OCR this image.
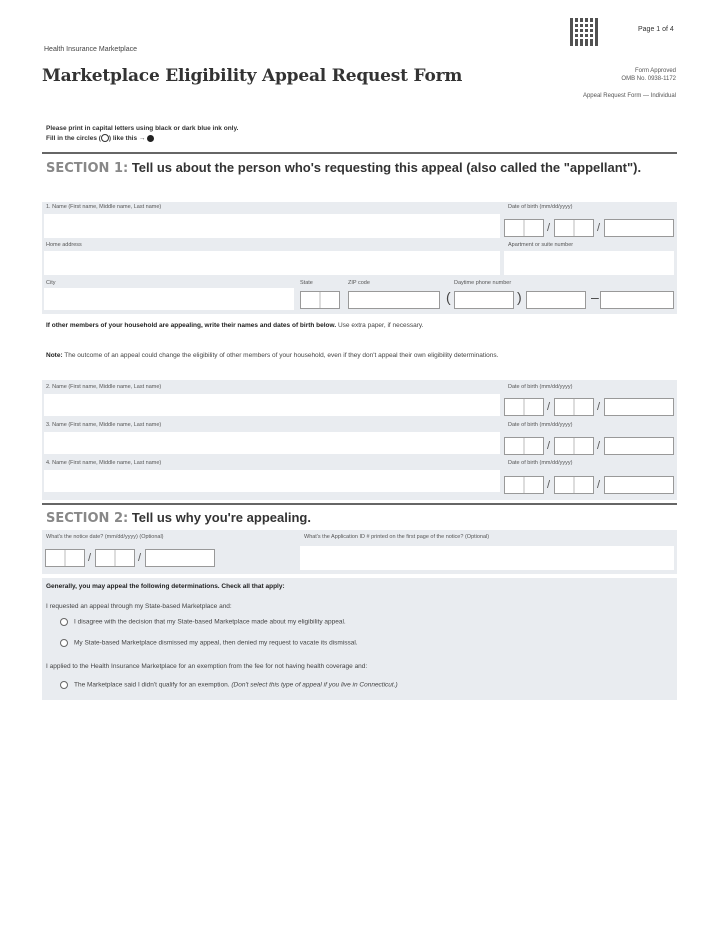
Page 1 of 4
Health Insurance Marketplace
Marketplace Eligibility Appeal Request Form	Form Approved
OMB No. 0938-1172
Appeal Request Form — Individual
Please print in capital letters using black or dark blue ink only.
Fill in the circles ( ) like this →
SECTION 1: Tell us about the person who's requesting this appeal (also called the "appellant").
1. Name (First name, Middle name, Last name)	Date of birth (mm/dd/yyyy)
/	/
Home address	Apartment or suite number
City	State	ZIP code	Daytime phone number
(	)	–
If other members of your household are appealing, write their names and dates of birth below. Use extra paper, if necessary.
Note: The outcome of an appeal could change the eligibility of other members of your household, even if they don't appeal their own eligibility determinations.
2. Name (First name, Middle name, Last name)	Date of birth (mm/dd/yyyy)
/	/
3. Name (First name, Middle name, Last name)	Date of birth (mm/dd/yyyy)
/	/
4. Name (First name, Middle name, Last name)	Date of birth (mm/dd/yyyy)
/	/
SECTION 2: Tell us why you're appealing.
What's the notice date? (mm/dd/yyyy) (Optional)
/	/
What's the Application ID # printed on the first page of the notice? (Optional)
Generally, you may appeal the following determinations. Check all that apply:
I requested an appeal through my State-based Marketplace and:
I disagree with the decision that my State-based Marketplace made about my eligibility appeal.
My State-based Marketplace dismissed my appeal, then denied my request to vacate its dismissal.
I applied to the Health Insurance Marketplace for an exemption from the fee for not having health coverage and:
The Marketplace said I didn't qualify for an exemption. (Don't select this type of appeal if you live in Connecticut.)
